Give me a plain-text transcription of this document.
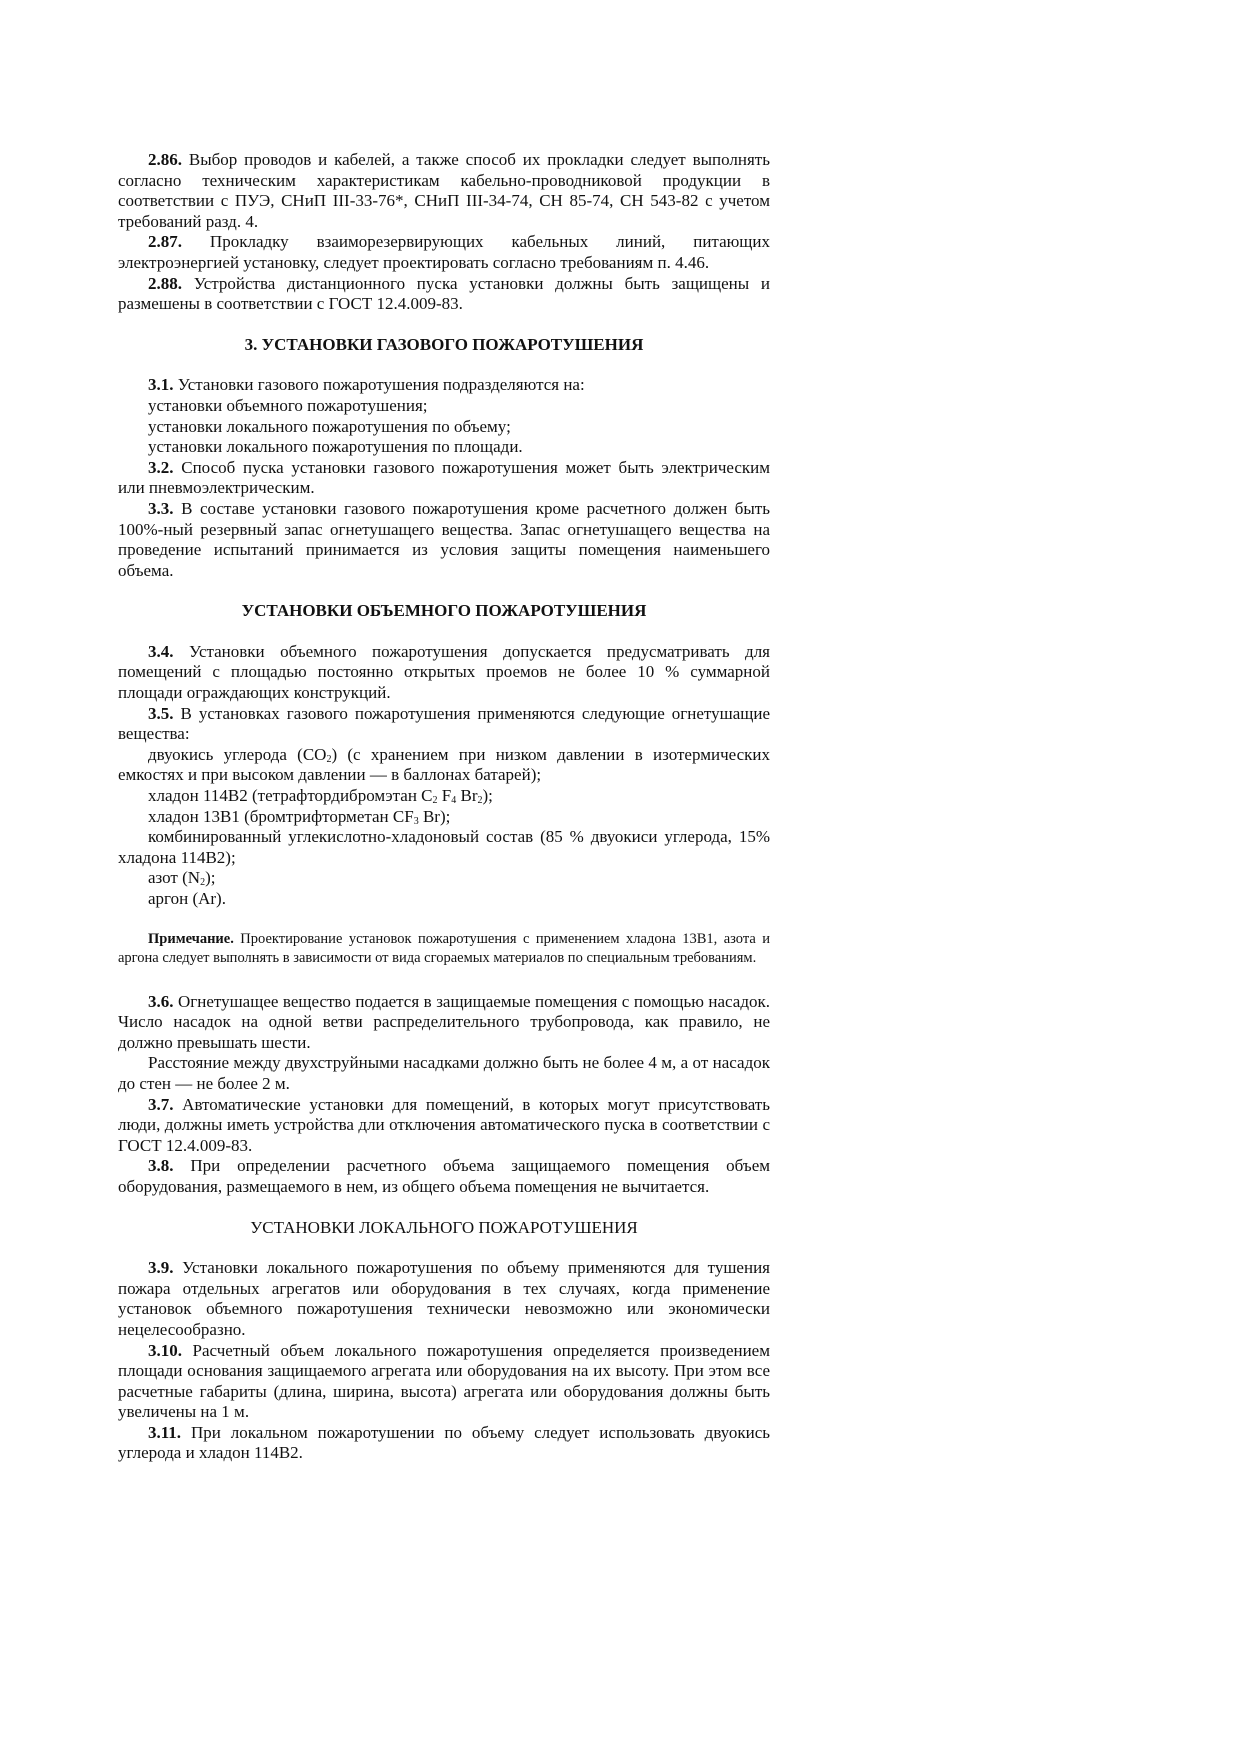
2.86. Выбор проводов и кабелей, а также способ их прокладки следует выполнять согласно техническим характеристикам кабельно-проводниковой продукции в соответствии с ПУЭ, СНиП III-33-76*, СНиП III-34-74, СН 85-74, СН 543-82 с учетом требований разд. 4.

2.87. Прокладку взаиморезервирующих кабельных линий, питающих электроэнергией установку, следует проектировать согласно требованиям п. 4.46.

2.88. Устройства дистанционного пуска установки должны быть защищены и размешены в соответствии с ГОСТ 12.4.009-83.

3. УСТАНОВКИ ГАЗОВОГО ПОЖАРОТУШЕНИЯ

3.1. Установки газового пожаротушения подразделяются на:

установки объемного пожаротушения;

установки локального пожаротушения по объему;

установки локального пожаротушения по площади.

3.2. Способ пуска установки газового пожаротушения может быть электрическим или пневмоэлектрическим.

3.3. В составе установки газового пожаротушения кроме расчетного должен быть 100%-ный резервный запас огнетушащего вещества. Запас огнетушащего вещества на проведение испытаний принимается из условия защиты помещения наименьшего объема.

УСТАНОВКИ ОБЪЕМНОГО ПОЖАРОТУШЕНИЯ

3.4. Установки объемного пожаротушения допускается предусматривать для помещений с площадью постоянно открытых проемов не более 10 % суммарной площади ограждающих конструкций.

3.5. В установках газового пожаротушения применяются следующие огнетушащие вещества:

двуокись углерода $(CO_2)$ (с хранением при низком давлении в изотермических емкостях и при высоком давлении — в баллонах батарей);

хладон 114В2 (тетрафтордибромэтан $C_2$ $F_4$ $Br_2$);

хладон 13В1 (бромтрифторметан $CF_3$ Br);

комбинированный углекислотно-хладоновый состав (85 % двуокиси углерода, 15% хладона 114В2);

азот $(N_2)$;

аргон (Ar).

Примечание. Проектирование установок пожаротушения с применением хладона 13В1, азота и аргона следует выполнять в зависимости от вида сгораемых материалов по специальным требованиям.

3.6. Огнетушащее вещество подается в защищаемые помещения с помощью насадок. Число насадок на одной ветви распределительного трубопровода, как правило, не должно превышать шести.

Расстояние между двухструйными насадками должно быть не более 4 м, а от насадок до стен — не более 2 м.

3.7. Автоматические установки для помещений, в которых могут присутствовать люди, должны иметь устройства дли отключения автоматического пуска в соответствии с ГОСТ 12.4.009-83.

3.8. При определении расчетного объема защищаемого помещения объем оборудования, размещаемого в нем, из общего объема помещения не вычитается.

УСТАНОВКИ ЛОКАЛЬНОГО ПОЖАРОТУШЕНИЯ

3.9. Установки локального пожаротушения по объему применяются для тушения пожара отдельных агрегатов или оборудования в тех случаях, когда применение установок объемного пожаротушения технически невозможно или экономически нецелесообразно.

3.10. Расчетный объем локального пожаротушения определяется произведением площади основания защищаемого агрегата или оборудования на их высоту. При этом все расчетные габариты (длина, ширина, высота) агрегата или оборудования должны быть увеличены на 1 м.

3.11. При локальном пожаротушении по объему следует использовать двуокись углерода и хладон 114В2.
